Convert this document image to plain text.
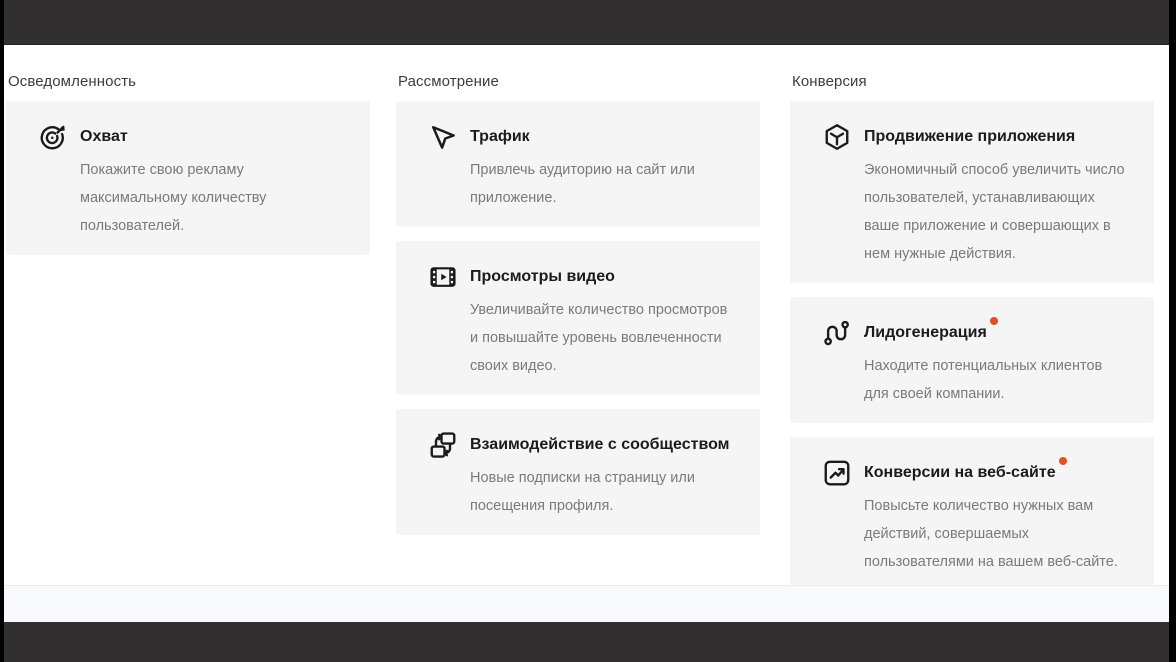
Осведомленность
Охват

Покажите свою рекламу максимальному количеству пользователей.

Рассмотрение
Трафик

Привлечь аудиторию на сайт или приложение.

Просмотры видео

Увеличивайте количество просмотров и повышайте уровень вовлеченности своих видео.

Взаимодействие с сообществом

Новые подписки на страницу или посещения профиля.

Конверсия
Продвижение приложения

Экономичный способ увеличить число пользователей, устанавливающих ваше приложение и совершающих в нем нужные действия.

Лидогенерация

Находите потенциальных клиентов для своей компании.

Конверсии на веб-сайте

Повысьте количество нужных вам действий, совершаемых пользователями на вашем веб-сайте.
